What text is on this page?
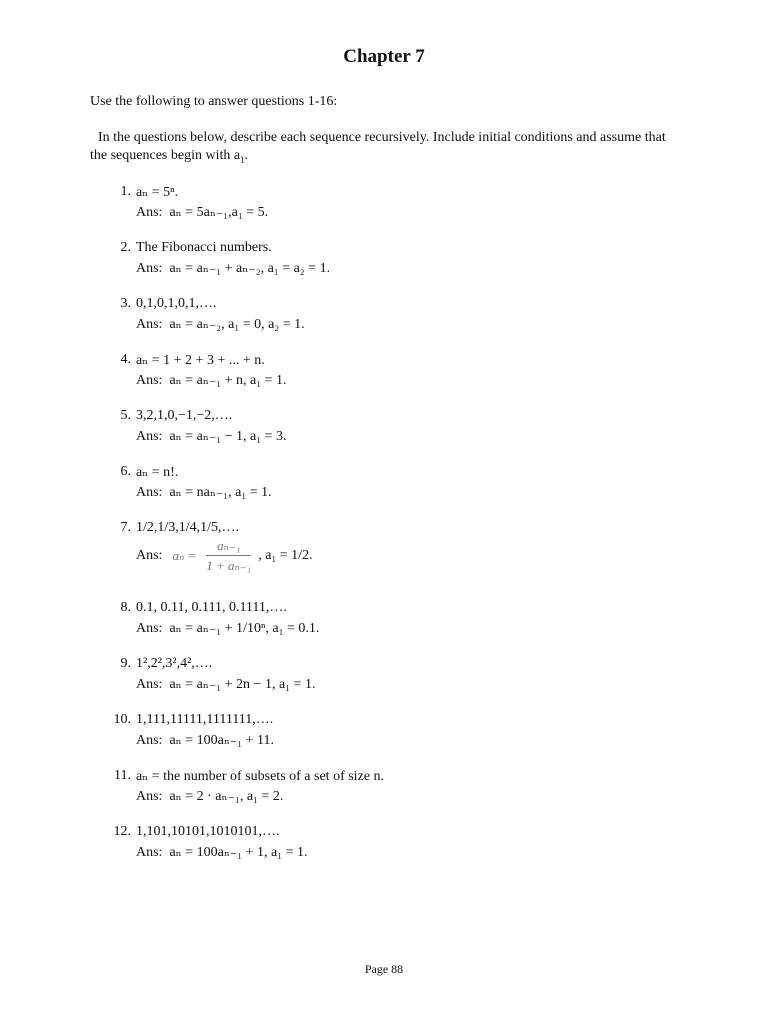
Chapter 7
Use the following to answer questions 1-16:
In the questions below, describe each sequence recursively. Include initial conditions and assume that the sequences begin with $a_1$.
1. aₙ = 5ⁿ.
Ans: aₙ = 5aₙ₋₁,a₁ = 5.
2. The Fibonacci numbers.
Ans: aₙ = aₙ₋₁ + aₙ₋₂, a₁ = a₂ = 1.
3. 0,1,0,1,0,1,….
Ans: aₙ = aₙ₋₂, a₁ = 0, a₂ = 1.
4. aₙ = 1 + 2 + 3 + ... + n.
Ans: aₙ = aₙ₋₁ + n, a₁ = 1.
5. 3,2,1,0,−1,−2,….
Ans: aₙ = aₙ₋₁ − 1, a₁ = 3.
6. aₙ = n!.
Ans: aₙ = naₙ₋₁, a₁ = 1.
7. 1/2,1/3,1/4,1/5,….
Ans: $a_n = \frac{\text{aₙ₋₁}}{\text{1 + aₙ₋₁}}$ , a₁ = 1/2.
8. 0.1, 0.11, 0.111, 0.1111,….
Ans: aₙ = aₙ₋₁ + 1/10ⁿ, a₁ = 0.1.
9. 1²,2²,3²,4²,….
Ans: aₙ = aₙ₋₁ + 2n − 1, a₁ = 1.
10. 1,111,11111,1111111,….
Ans: aₙ = 100aₙ₋₁ + 11.
11. aₙ = the number of subsets of a set of size n.
Ans: aₙ = 2 · aₙ₋₁, a₁ = 2.
12. 1,101,10101,1010101,….
Ans: aₙ = 100aₙ₋₁ + 1, a₁ = 1.
Page 88
